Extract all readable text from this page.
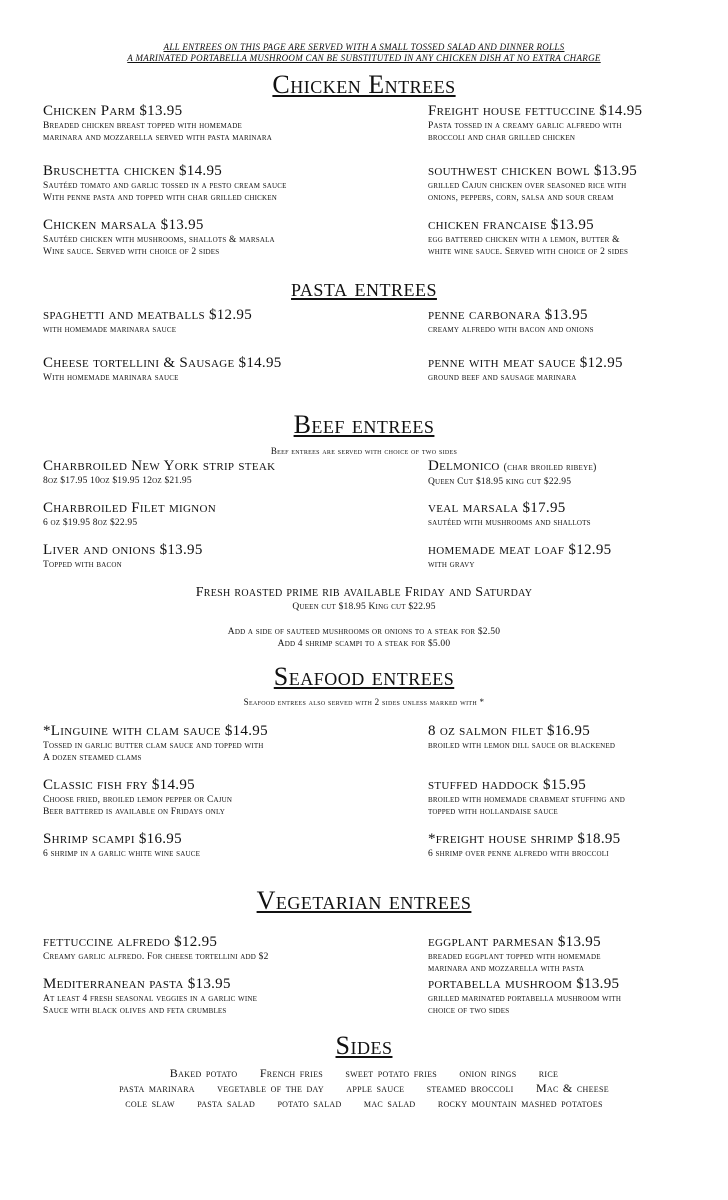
ALL ENTREES ON THIS PAGE ARE SERVED WITH A SMALL TOSSED SALAD AND DINNER ROLLS
A MARINATED PORTABELLA MUSHROOM CAN BE SUBSTITUTED IN ANY CHICKEN DISH AT NO EXTRA CHARGE
Chicken Entrees
Chicken Parm $13.95
Breaded chicken breast topped with homemade
marinara and mozzarella served with pasta marinara
Freight house fettuccine $14.95
Pasta tossed in a creamy garlic alfredo with
broccoli and char grilled chicken
Bruschetta chicken $14.95
Sautéed tomato and garlic tossed in a pesto cream sauce
With penne pasta and topped with char grilled chicken
southwest chicken bowl $13.95
grilled Cajun chicken over seasoned rice with
onions, peppers, corn, salsa and sour cream
Chicken marsala $13.95
Sautéed chicken with mushrooms, shallots & marsala
Wine sauce. Served with choice of 2 sides
chicken francaise $13.95
egg battered chicken with a lemon, butter &
white wine sauce. Served with choice of 2 sides
pasta entrees
spaghetti and meatballs $12.95
with homemade marinara sauce
penne carbonara $13.95
creamy alfredo with bacon and onions
Cheese tortellini & Sausage $14.95
With homemade marinara sauce
penne with meat sauce $12.95
ground beef and sausage marinara
Beef entrees
Beef entrees are served with choice of two sides
Charbroiled New York strip steak
8oz $17.95 10oz $19.95 12oz $21.95
Delmonico (char broiled ribeye)
Queen Cut $18.95 king cut $22.95
Charbroiled Filet mignon
6 oz $19.95 8oz $22.95
veal marsala $17.95
sautéed with mushrooms and shallots
Liver and onions $13.95
Topped with bacon
homemade meat loaf $12.95
with gravy
Fresh roasted prime rib available Friday and Saturday
Queen cut $18.95 King cut $22.95
Add a side of sauteed mushrooms or onions to a steak for $2.50
Add 4 shrimp scampi to a steak for $5.00
Seafood entrees
Seafood entrees also served with 2 sides unless marked with *
*Linguine with clam sauce $14.95
Tossed in garlic butter clam sauce and topped with
A dozen steamed clams
8 oz salmon filet $16.95
broiled with lemon dill sauce or blackened
Classic fish fry $14.95
Choose fried, broiled lemon pepper or Cajun
Beer battered is available on Fridays only
stuffed haddock $15.95
broiled with homemade crabmeat stuffing and
topped with hollandaise sauce
Shrimp scampi $16.95
6 shrimp in a garlic white wine sauce
*freight house shrimp $18.95
6 shrimp over penne alfredo with broccoli
Vegetarian entrees
fettuccine alfredo $12.95
Creamy garlic alfredo. For cheese tortellini add $2
eggplant parmesan $13.95
breaded eggplant topped with homemade
marinara and mozzarella with pasta
Mediterranean pasta $13.95
At least 4 fresh seasonal veggies in a garlic wine
Sauce with black olives and feta crumbles
portabella mushroom $13.95
grilled marinated portabella mushroom with
choice of two sides
Sides
Baked potato French fries sweet potato fries onion rings rice
pasta marinara vegetable of the day apple sauce steamed broccoli Mac & cheese
cole slaw pasta salad potato salad mac salad rocky mountain mashed potatoes
